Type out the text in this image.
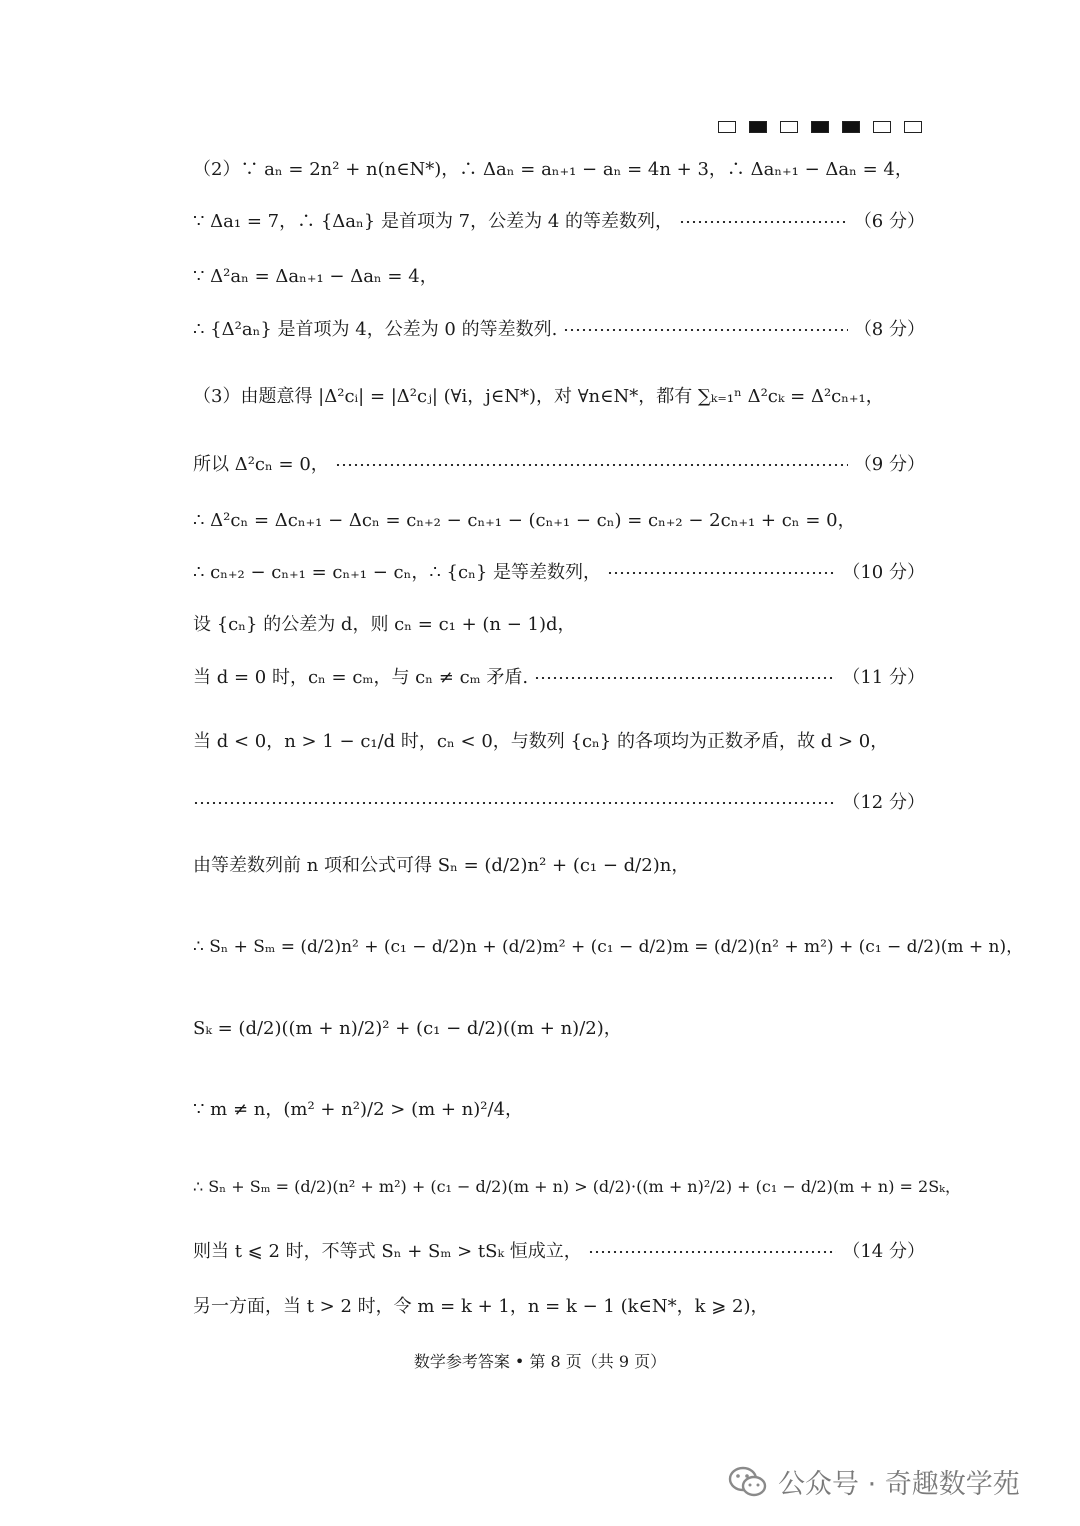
（2）∵ aₙ = 2n² + n(n∈N*)，∴ Δaₙ = aₙ₊₁ − aₙ = 4n + 3，∴ Δaₙ₊₁ − Δaₙ = 4，
∵ Δa₁ = 7，∴ {Δaₙ} 是首项为 7，公差为 4 的等差数列，	（6 分）
∵ Δ²aₙ = Δaₙ₊₁ − Δaₙ = 4，
∴ {Δ²aₙ} 是首项为 4，公差为 0 的等差数列.	（8 分）
（3）由题意得 |Δ²cᵢ| = |Δ²cⱼ| (∀i，j∈N*)，对 ∀n∈N*，都有 ∑ₖ₌₁ⁿ Δ²cₖ = Δ²cₙ₊₁，
所以 Δ²cₙ = 0，	（9 分）
∴ Δ²cₙ = Δcₙ₊₁ − Δcₙ = cₙ₊₂ − cₙ₊₁ − (cₙ₊₁ − cₙ) = cₙ₊₂ − 2cₙ₊₁ + cₙ = 0，
∴ cₙ₊₂ − cₙ₊₁ = cₙ₊₁ − cₙ，∴ {cₙ} 是等差数列，	（10 分）
设 {cₙ} 的公差为 d，则 cₙ = c₁ + (n − 1)d，
当 d = 0 时，cₙ = cₘ，与 cₙ ≠ cₘ 矛盾.	（11 分）
当 d < 0，n > 1 − c₁/d 时，cₙ < 0，与数列 {cₙ} 的各项均为正数矛盾，故 d > 0，
（12 分）
由等差数列前 n 项和公式可得 Sₙ = (d/2)n² + (c₁ − d/2)n，
∴ Sₙ + Sₘ = (d/2)n² + (c₁ − d/2)n + (d/2)m² + (c₁ − d/2)m = (d/2)(n² + m²) + (c₁ − d/2)(m + n)，
Sₖ = (d/2)((m + n)/2)² + (c₁ − d/2)((m + n)/2)，
∵ m ≠ n，(m² + n²)/2 > (m + n)²/4，
∴ Sₙ + Sₘ = (d/2)(n² + m²) + (c₁ − d/2)(m + n) > (d/2)·((m + n)²/2) + (c₁ − d/2)(m + n) = 2Sₖ，
则当 t ⩽ 2 时，不等式 Sₙ + Sₘ > tSₖ 恒成立，	（14 分）
另一方面，当 t > 2 时，令 m = k + 1，n = k − 1 (k∈N*，k ⩾ 2)，
数学参考答案 • 第 8 页（共 9 页）
公众号 · 奇趣数学苑
